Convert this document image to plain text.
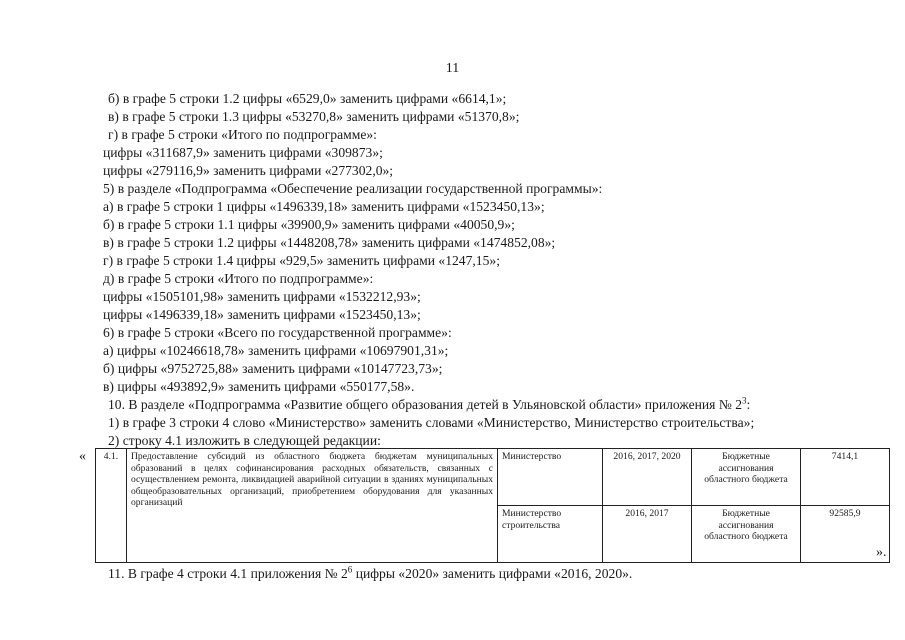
11
б) в графе 5 строки 1.2 цифры «6529,0» заменить цифрами «6614,1»;
в) в графе 5 строки 1.3 цифры «53270,8» заменить цифрами «51370,8»;
г) в графе 5 строки «Итого по подпрограмме»:
цифры «311687,9» заменить цифрами «309873»;
цифры «279116,9» заменить цифрами «277302,0»;
5) в разделе «Подпрограмма «Обеспечение реализации государственной программы»:
а) в графе 5 строки 1 цифры «1496339,18» заменить цифрами «1523450,13»;
б) в графе 5 строки 1.1 цифры «39900,9» заменить цифрами «40050,9»;
в) в графе 5 строки 1.2 цифры «1448208,78» заменить цифрами «1474852,08»;
г) в графе 5 строки 1.4 цифры «929,5» заменить цифрами «1247,15»;
д) в графе 5 строки «Итого по подпрограмме»:
цифры «1505101,98» заменить цифрами «1532212,93»;
цифры «1496339,18» заменить цифрами «1523450,13»;
6) в графе 5 строки «Всего по государственной программе»:
а) цифры «10246618,78» заменить цифрами «10697901,31»;
б) цифры «9752725,88» заменить цифрами «10147723,73»;
в) цифры «493892,9» заменить цифрами «550177,58».
10. В разделе «Подпрограмма «Развитие общего образования детей в Ульяновской области» приложения № $2^3$:
1) в графе 3 строки 4 слово «Министерство» заменить словами «Министерство, Министерство строительства»;
2) строку 4.1 изложить в следующей редакции:
« 4.1.	Предоставление субсидий из областного бюджета бюджетам муниципальных образований в целях софинансирования расходных обязательств, связанных с осуществлением ремонта, ликвидацией аварийной ситуации в зданиях муниципальных общеобразовательных организаций, приобретением оборудования для указанных организаций	Министерство	2016, 2017, 2020	Бюджетные ассигнования областного бюджета	7414,1
		Министерство строительства	2016, 2017	Бюджетные ассигнования областного бюджета	92585,9
».
11. В графе 4 строки 4.1 приложения № $2^6$ цифры «2020» заменить цифрами «2016, 2020».
